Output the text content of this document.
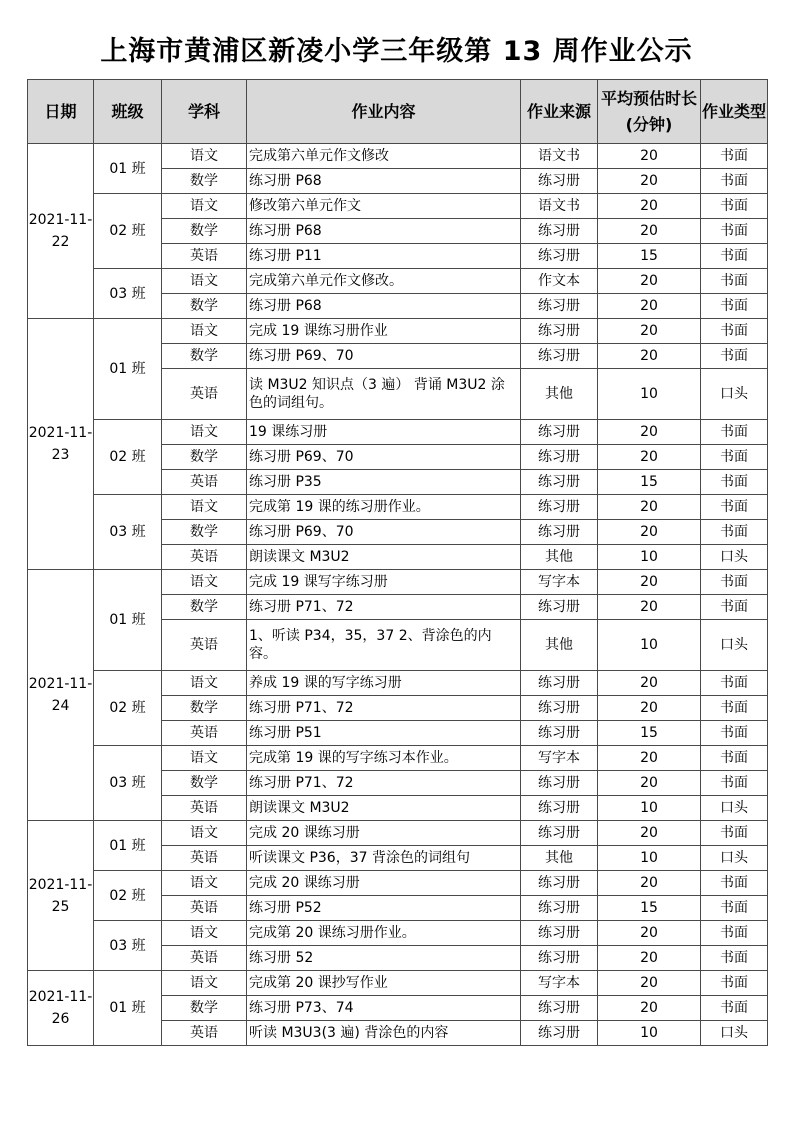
上海市黄浦区新凌小学三年级第 13 周作业公示
日期	班级	学科	作业内容	作业来源	平均预估时长(分钟)	作业类型
2021-11-22	01 班	语文	完成第六单元作文修改	语文书	20	书面
		数学	练习册 P68	练习册	20	书面
	02 班	语文	修改第六单元作文	语文书	20	书面
		数学	练习册 P68	练习册	20	书面
		英语	练习册 P11	练习册	15	书面
	03 班	语文	完成第六单元作文修改。	作文本	20	书面
		数学	练习册 P68	练习册	20	书面
2021-11-23	01 班	语文	完成 19 课练习册作业	练习册	20	书面
		数学	练习册 P69、70	练习册	20	书面
		英语	读 M3U2 知识点（3 遍） 背诵 M3U2 涂色的词组句。	其他	10	口头
	02 班	语文	19 课练习册	练习册	20	书面
		数学	练习册 P69、70	练习册	20	书面
		英语	练习册 P35	练习册	15	书面
	03 班	语文	完成第 19 课的练习册作业。	练习册	20	书面
		数学	练习册 P69、70	练习册	20	书面
		英语	朗读课文 M3U2	其他	10	口头
2021-11-24	01 班	语文	完成 19 课写字练习册	写字本	20	书面
		数学	练习册 P71、72	练习册	20	书面
		英语	1、听读 P34，35，37 2、背涂色的内容。	其他	10	口头
	02 班	语文	养成 19 课的写字练习册	练习册	20	书面
		数学	练习册 P71、72	练习册	20	书面
		英语	练习册 P51	练习册	15	书面
	03 班	语文	完成第 19 课的写字练习本作业。	写字本	20	书面
		数学	练习册 P71、72	练习册	20	书面
		英语	朗读课文 M3U2	练习册	10	口头
2021-11-25	01 班	语文	完成 20 课练习册	练习册	20	书面
		英语	听读课文 P36，37 背涂色的词组句	其他	10	口头
	02 班	语文	完成 20 课练习册	练习册	20	书面
		英语	练习册 P52	练习册	15	书面
	03 班	语文	完成第 20 课练习册作业。	练习册	20	书面
		英语	练习册 52	练习册	20	书面
2021-11-26	01 班	语文	完成第 20 课抄写作业	写字本	20	书面
		数学	练习册 P73、74	练习册	20	书面
		英语	听读 M3U3(3 遍) 背涂色的内容	练习册	10	口头
